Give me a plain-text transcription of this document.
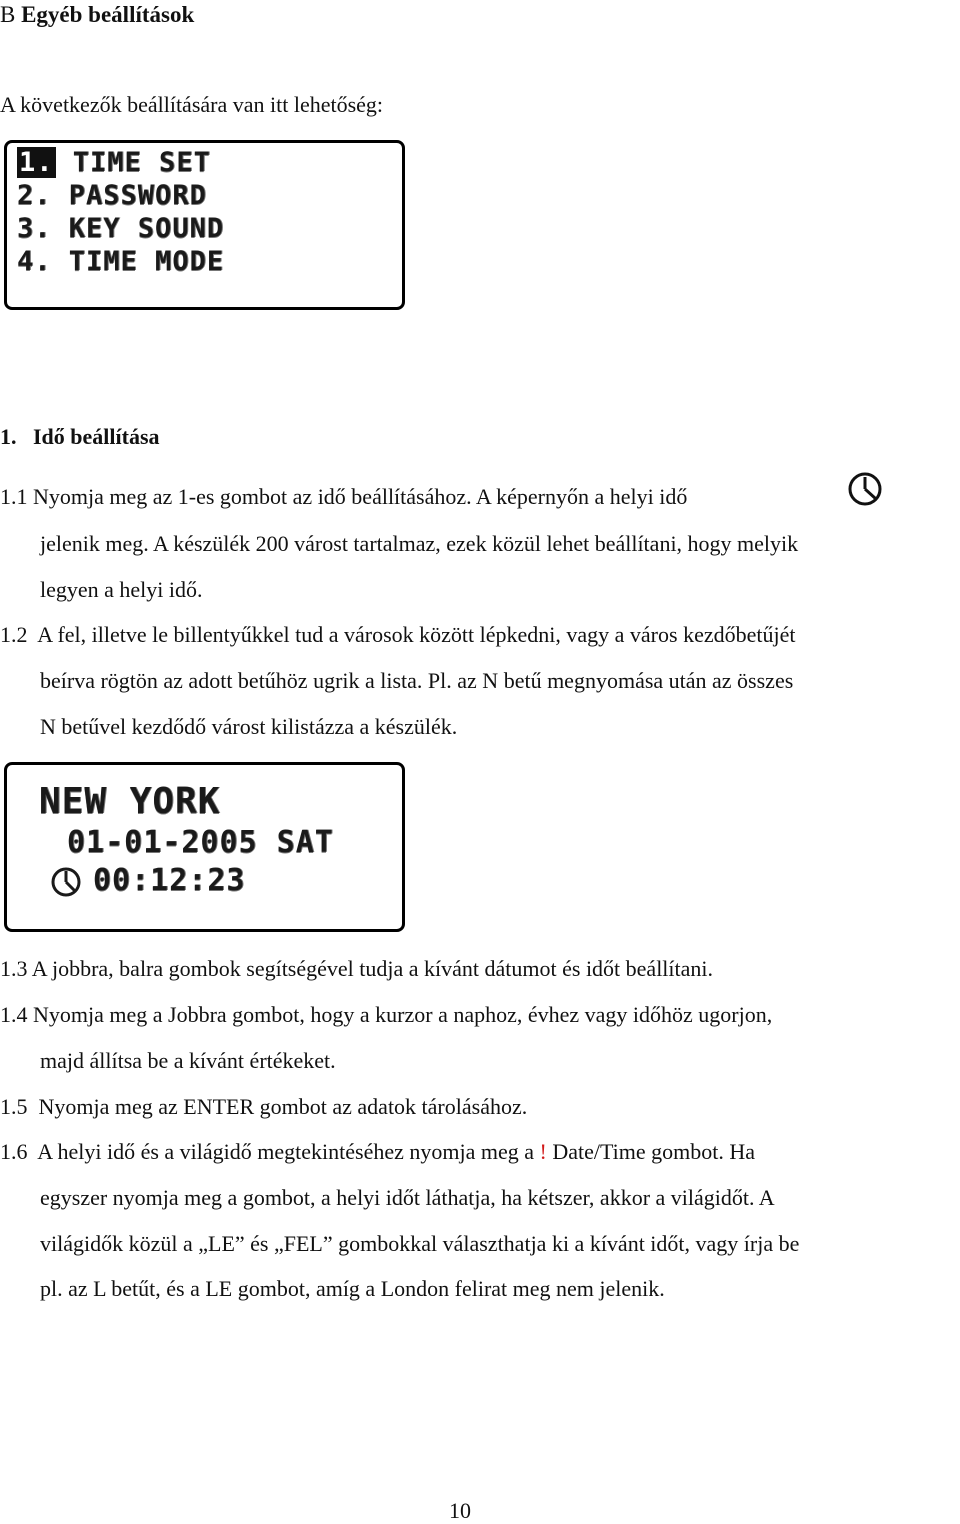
B Egyéb beállítások
A következők beállítására van itt lehetőség:
1. TIME SET
2. PASSWORD
3. KEY SOUND
4. TIME MODE
1. Idő beállítása
1.1 Nyomja meg az 1-es gombot az idő beállításához. A képernyőn a helyi idő
jelenik meg. A készülék 200 várost tartalmaz, ezek közül lehet beállítani, hogy melyik
legyen a helyi idő.
1.2 A fel, illetve le billentyűkkel tud a városok között lépkedni, vagy a város kezdőbetűjét
beírva rögtön az adott betűhöz ugrik a lista. Pl. az N betű megnyomása után az összes
N betűvel kezdődő várost kilistázza a készülék.
NEW YORK
01-01-2005 SAT
00:12:23
1.3 A jobbra, balra gombok segítségével tudja a kívánt dátumot és időt beállítani.
1.4 Nyomja meg a Jobbra gombot, hogy a kurzor a naphoz, évhez vagy időhöz ugorjon,
majd állítsa be a kívánt értékeket.
1.5 Nyomja meg az ENTER gombot az adatok tárolásához.
1.6 A helyi idő és a világidő megtekintéséhez nyomja meg a ! Date/Time gombot. Ha
egyszer nyomja meg a gombot, a helyi időt láthatja, ha kétszer, akkor a világidőt. A
világidők közül a „LE” és „FEL” gombokkal választhatja ki a kívánt időt, vagy írja be
pl. az L betűt, és a LE gombot, amíg a London felirat meg nem jelenik.
10
